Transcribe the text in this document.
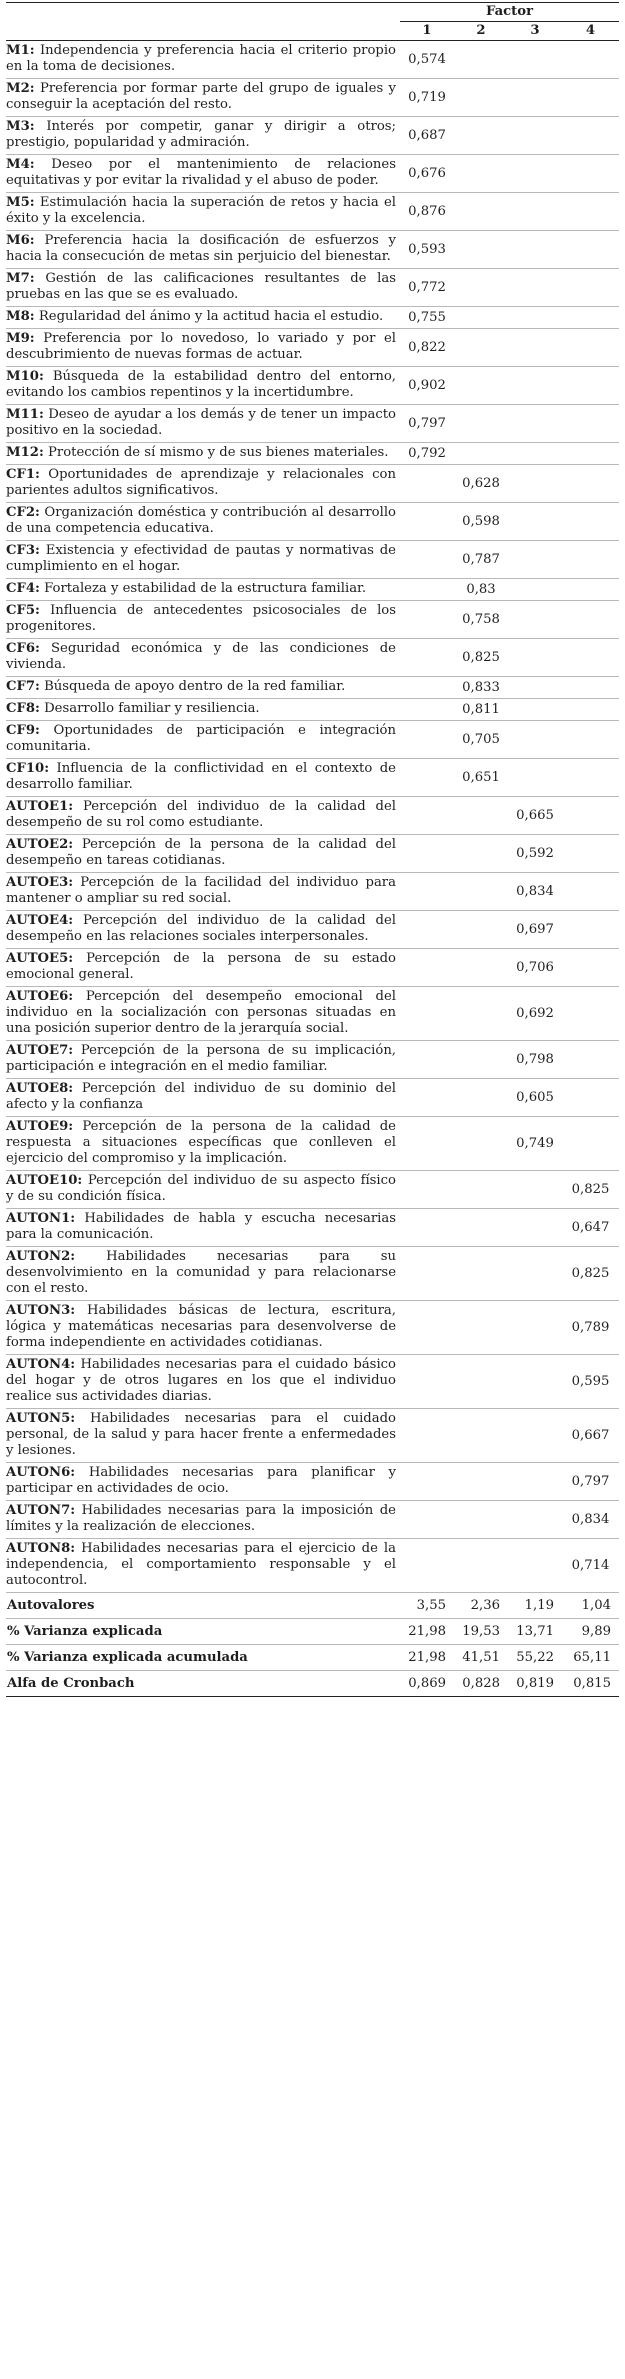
	Factor			
	1	2	3	4
M1: Independencia y preferencia hacia el criterio propio en la toma de decisiones.	0,574			
M2: Preferencia por formar parte del grupo de iguales y conseguir la aceptación del resto.	0,719			
M3: Interés por competir, ganar y dirigir a otros; prestigio, popularidad y admiración.	0,687			
M4: Deseo por el mantenimiento de relaciones equitativas y por evitar la rivalidad y el abuso de poder.	0,676			
M5: Estimulación hacia la superación de retos y hacia el éxito y la excelencia.	0,876			
M6: Preferencia hacia la dosificación de esfuerzos y hacia la consecución de metas sin perjuicio del bienestar.	0,593			
M7: Gestión de las calificaciones resultantes de las pruebas en las que se es evaluado.	0,772			
M8: Regularidad del ánimo y la actitud hacia el estudio.	0,755			
M9: Preferencia por lo novedoso, lo variado y por el descubrimiento de nuevas formas de actuar.	0,822			
M10: Búsqueda de la estabilidad dentro del entorno, evitando los cambios repentinos y la incertidumbre.	0,902			
M11: Deseo de ayudar a los demás y de tener un impacto positivo en la sociedad.	0,797			
M12: Protección de sí mismo y de sus bienes materiales.	0,792			
CF1: Oportunidades de aprendizaje y relacionales con parientes adultos significativos.		0,628		
CF2: Organización doméstica y contribución al desarrollo de una competencia educativa.		0,598		
CF3: Existencia y efectividad de pautas y normativas de cumplimiento en el hogar.		0,787		
CF4: Fortaleza y estabilidad de la estructura familiar.		0,83		
CF5: Influencia de antecedentes psicosociales de los progenitores.		0,758		
CF6: Seguridad económica y de las condiciones de vivienda.		0,825		
CF7: Búsqueda de apoyo dentro de la red familiar.		0,833		
CF8: Desarrollo familiar y resiliencia.		0,811		
CF9: Oportunidades de participación e integración comunitaria.		0,705		
CF10: Influencia de la conflictividad en el contexto de desarrollo familiar.		0,651		
AUTOE1: Percepción del individuo de la calidad del desempeño de su rol como estudiante.			0,665	
AUTOE2: Percepción de la persona de la calidad del desempeño en tareas cotidianas.			0,592	
AUTOE3: Percepción de la facilidad del individuo para mantener o ampliar su red social.			0,834	
AUTOE4: Percepción del individuo de la calidad del desempeño en las relaciones sociales interpersonales.			0,697	
AUTOE5: Percepción de la persona de su estado emocional general.			0,706	
AUTOE6: Percepción del desempeño emocional del individuo en la socialización con personas situadas en una posición superior dentro de la jerarquía social.			0,692	
AUTOE7: Percepción de la persona de su implicación, participación e integración en el medio familiar.			0,798	
AUTOE8: Percepción del individuo de su dominio del afecto y la confianza			0,605	
AUTOE9: Percepción de la persona de la calidad de respuesta a situaciones específicas que conlleven el ejercicio del compromiso y la implicación.			0,749	
AUTOE10: Percepción del individuo de su aspecto físico y de su condición física.				0,825
AUTON1: Habilidades de habla y escucha necesarias para la comunicación.				0,647
AUTON2: Habilidades necesarias para su desenvolvimiento en la comunidad y para relacionarse con el resto.				0,825
AUTON3: Habilidades básicas de lectura, escritura, lógica y matemáticas necesarias para desenvolverse de forma independiente en actividades cotidianas.				0,789
AUTON4: Habilidades necesarias para el cuidado básico del hogar y de otros lugares en los que el individuo realice sus actividades diarias.				0,595
AUTON5: Habilidades necesarias para el cuidado personal, de la salud y para hacer frente a enfermedades y lesiones.				0,667
AUTON6: Habilidades necesarias para planificar y participar en actividades de ocio.				0,797
AUTON7: Habilidades necesarias para la imposición de límites y la realización de elecciones.				0,834
AUTON8: Habilidades necesarias para el ejercicio de la independencia, el comportamiento responsable y el autocontrol.				0,714
Autovalores	3,55	2,36	1,19	1,04
% Varianza explicada	21,98	19,53	13,71	9,89
% Varianza explicada acumulada	21,98	41,51	55,22	65,11
Alfa de Cronbach	0,869	0,828	0,819	0,815
